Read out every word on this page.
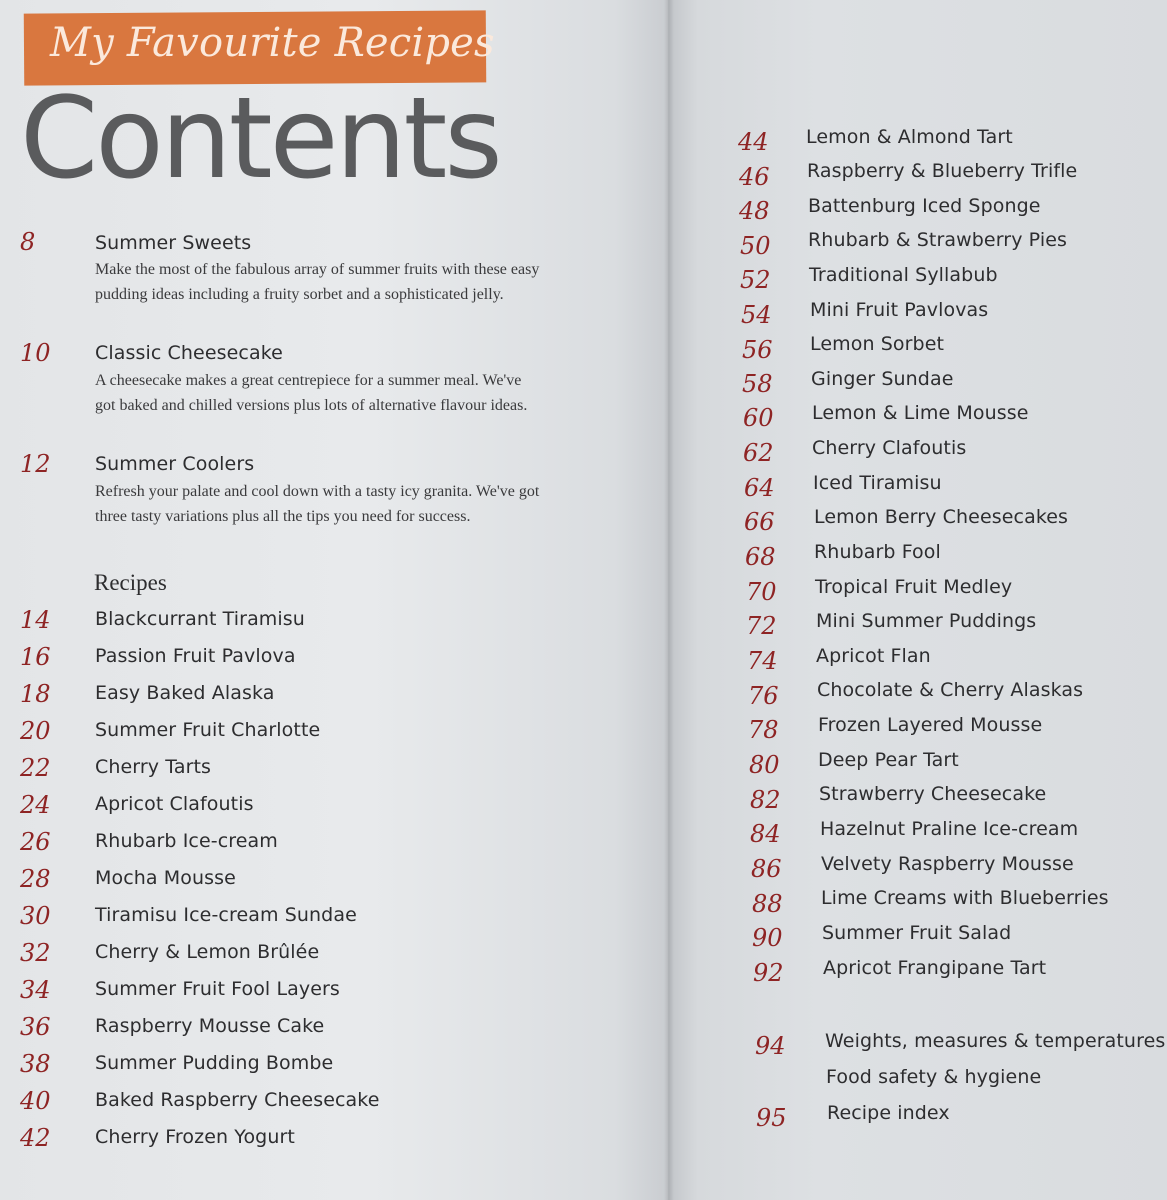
My Favourite Recipes
Contents
8	Summer Sweets
Make the most of the fabulous array of summer fruits with these easy
pudding ideas including a fruity sorbet and a sophisticated jelly.
10 Classic Cheesecake
A cheesecake makes a great centrepiece for a summer meal. We've
got baked and chilled versions plus lots of alternative flavour ideas.
12 Summer Coolers
Refresh your palate and cool down with a tasty icy granita. We've got
three tasty variations plus all the tips you need for success.
Recipes
14 Blackcurrant Tiramisu
16 Passion Fruit Pavlova
18 Easy Baked Alaska
20 Summer Fruit Charlotte
22 Cherry Tarts
24 Apricot Clafoutis
26 Rhubarb Ice-cream
28 Mocha Mousse
30 Tiramisu Ice-cream Sundae
32 Cherry & Lemon Brûlée
34 Summer Fruit Fool Layers
36 Raspberry Mousse Cake
38 Summer Pudding Bombe
40 Baked Raspberry Cheesecake
42 Cherry Frozen Yogurt
44 Lemon & Almond Tart
46 Raspberry & Blueberry Trifle
48 Battenburg Iced Sponge
50 Rhubarb & Strawberry Pies
52 Traditional Syllabub
54 Mini Fruit Pavlovas
56 Lemon Sorbet
58 Ginger Sundae
60 Lemon & Lime Mousse
62 Cherry Clafoutis
64 Iced Tiramisu
66 Lemon Berry Cheesecakes
68 Rhubarb Fool
70 Tropical Fruit Medley
72 Mini Summer Puddings
74 Apricot Flan
76 Chocolate & Cherry Alaskas
78 Frozen Layered Mousse
80 Deep Pear Tart
82 Strawberry Cheesecake
84 Hazelnut Praline Ice-cream
86 Velvety Raspberry Mousse
88 Lime Creams with Blueberries
90 Summer Fruit Salad
92 Apricot Frangipane Tart
94 Weights, measures & temperatures
Food safety & hygiene
95 Recipe index
